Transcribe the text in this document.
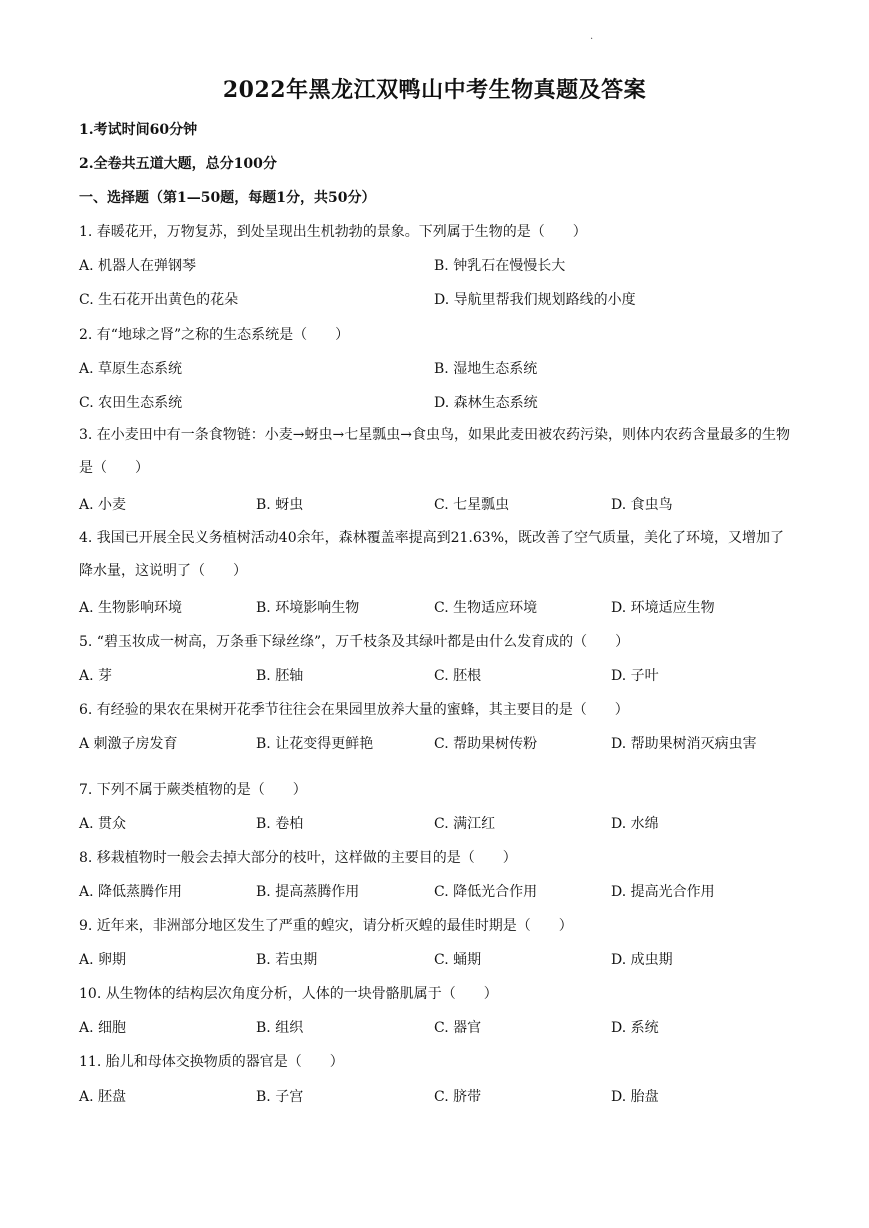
.
2022年黑龙江双鸭山中考生物真题及答案
1.考试时间60分钟
2.全卷共五道大题，总分100分
一、选择题（第1—50题，每题1分，共50分）
1. 春暖花开，万物复苏，到处呈现出生机勃勃的景象。下列属于生物的是（　　）
A. 机器人在弹钢琴	B. 钟乳石在慢慢长大
C. 生石花开出黄色的花朵	D. 导航里帮我们规划路线的小度
2. 有“地球之肾”之称的生态系统是（　　）
A. 草原生态系统	B. 湿地生态系统
C. 农田生态系统	D. 森林生态系统
3. 在小麦田中有一条食物链：小麦→蚜虫→七星瓢虫→食虫鸟，如果此麦田被农药污染，则体内农药含量最多的生物是（　　）
A. 小麦	B. 蚜虫	C. 七星瓢虫	D. 食虫鸟
4. 我国已开展全民义务植树活动40余年，森林覆盖率提高到21.63%，既改善了空气质量，美化了环境，又增加了降水量，这说明了（　　）
A. 生物影响环境	B. 环境影响生物	C. 生物适应环境	D. 环境适应生物
5. “碧玉妆成一树高，万条垂下绿丝绦”，万千枝条及其绿叶都是由什么发育成的（　　）
A. 芽	B. 胚轴	C. 胚根	D. 子叶
6. 有经验的果农在果树开花季节往往会在果园里放养大量的蜜蜂，其主要目的是（　　）
A 刺激子房发育	B. 让花变得更鲜艳	C. 帮助果树传粉	D. 帮助果树消灭病虫害
7. 下列不属于蕨类植物的是（　　）
A. 贯众	B. 卷柏	C. 满江红	D. 水绵
8. 移栽植物时一般会去掉大部分的枝叶，这样做的主要目的是（　　）
A. 降低蒸腾作用	B. 提高蒸腾作用	C. 降低光合作用	D. 提高光合作用
9. 近年来，非洲部分地区发生了严重的蝗灾，请分析灭蝗的最佳时期是（　　）
A. 卵期	B. 若虫期	C. 蛹期	D. 成虫期
10. 从生物体的结构层次角度分析，人体的一块骨骼肌属于（　　）
A. 细胞	B. 组织	C. 器官	D. 系统
11. 胎儿和母体交换物质的器官是（　　）
A. 胚盘	B. 子宫	C. 脐带	D. 胎盘
